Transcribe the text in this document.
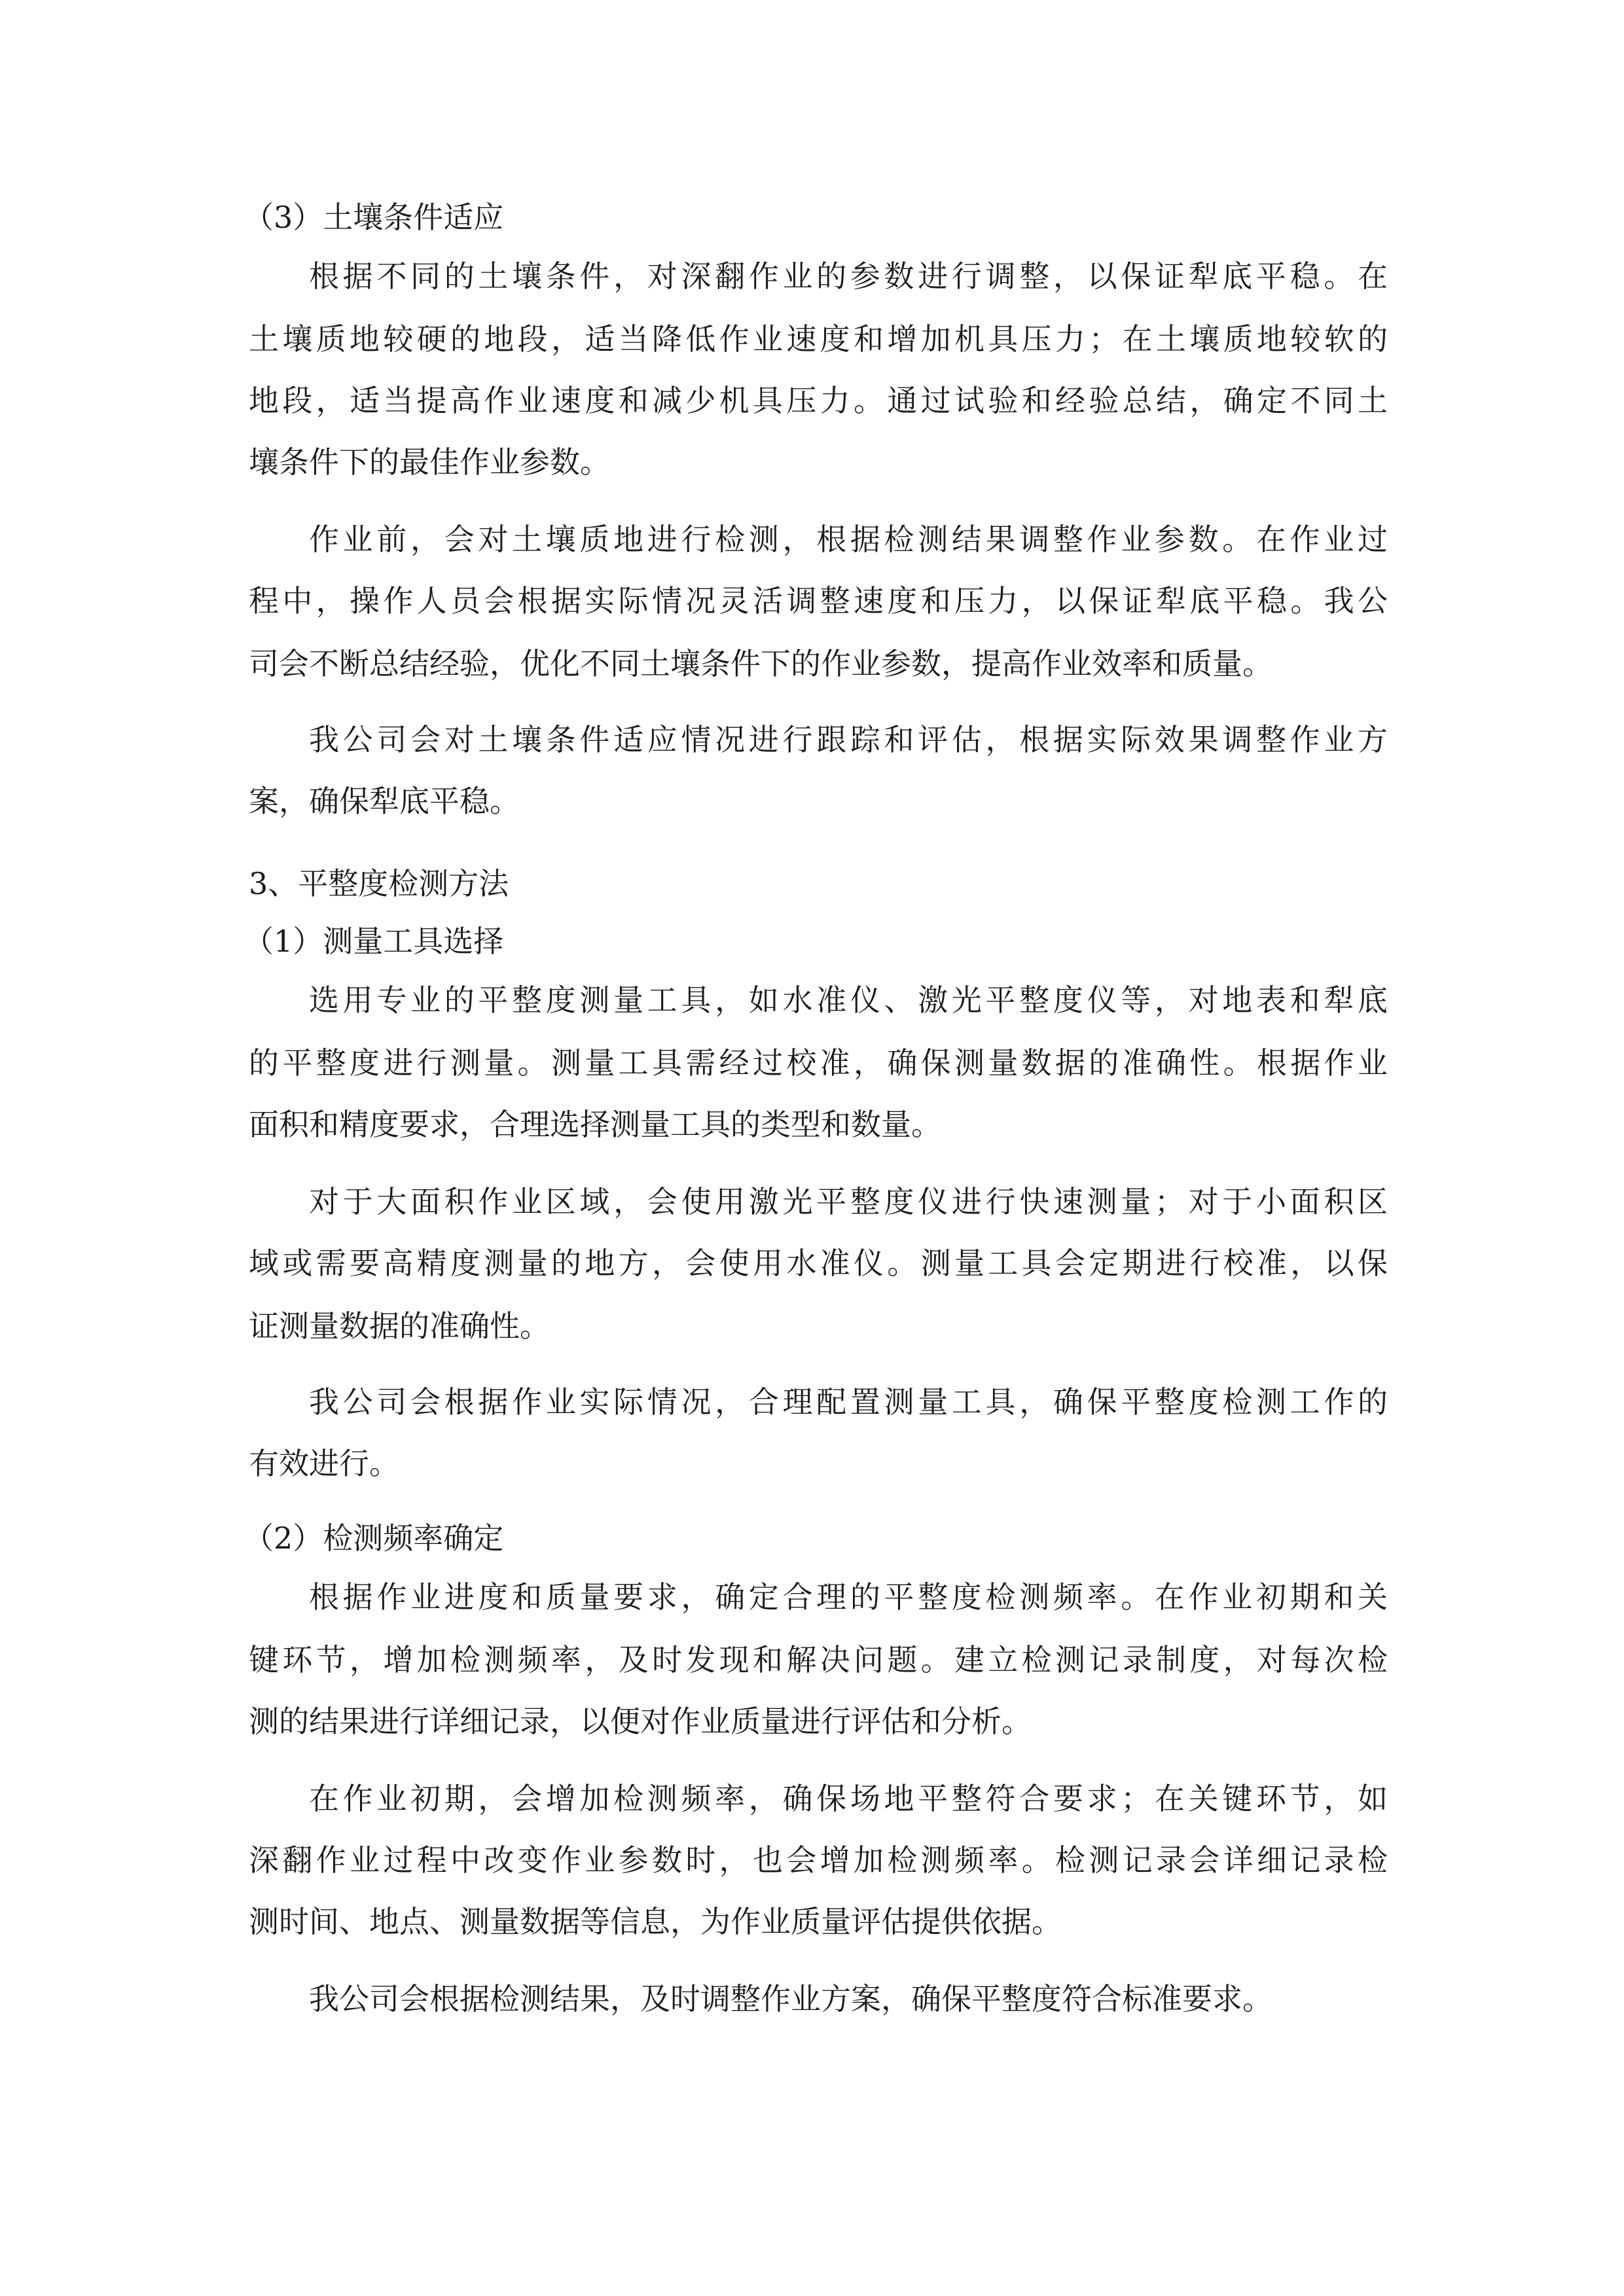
（3）土壤条件适应
根据不同的土壤条件，对深翻作业的参数进行调整，以保证犁底平稳。在
土壤质地较硬的地段，适当降低作业速度和增加机具压力；在土壤质地较软的
地段，适当提高作业速度和减少机具压力。通过试验和经验总结，确定不同土
壤条件下的最佳作业参数。
作业前，会对土壤质地进行检测，根据检测结果调整作业参数。在作业过
程中，操作人员会根据实际情况灵活调整速度和压力，以保证犁底平稳。我公
司会不断总结经验，优化不同土壤条件下的作业参数，提高作业效率和质量。
我公司会对土壤条件适应情况进行跟踪和评估，根据实际效果调整作业方
案，确保犁底平稳。
3、平整度检测方法
（1）测量工具选择
选用专业的平整度测量工具，如水准仪、激光平整度仪等，对地表和犁底
的平整度进行测量。测量工具需经过校准，确保测量数据的准确性。根据作业
面积和精度要求，合理选择测量工具的类型和数量。
对于大面积作业区域，会使用激光平整度仪进行快速测量；对于小面积区
域或需要高精度测量的地方，会使用水准仪。测量工具会定期进行校准，以保
证测量数据的准确性。
我公司会根据作业实际情况，合理配置测量工具，确保平整度检测工作的
有效进行。
（2）检测频率确定
根据作业进度和质量要求，确定合理的平整度检测频率。在作业初期和关
键环节，增加检测频率，及时发现和解决问题。建立检测记录制度，对每次检
测的结果进行详细记录，以便对作业质量进行评估和分析。
在作业初期，会增加检测频率，确保场地平整符合要求；在关键环节，如
深翻作业过程中改变作业参数时，也会增加检测频率。检测记录会详细记录检
测时间、地点、测量数据等信息，为作业质量评估提供依据。
我公司会根据检测结果，及时调整作业方案，确保平整度符合标准要求。
